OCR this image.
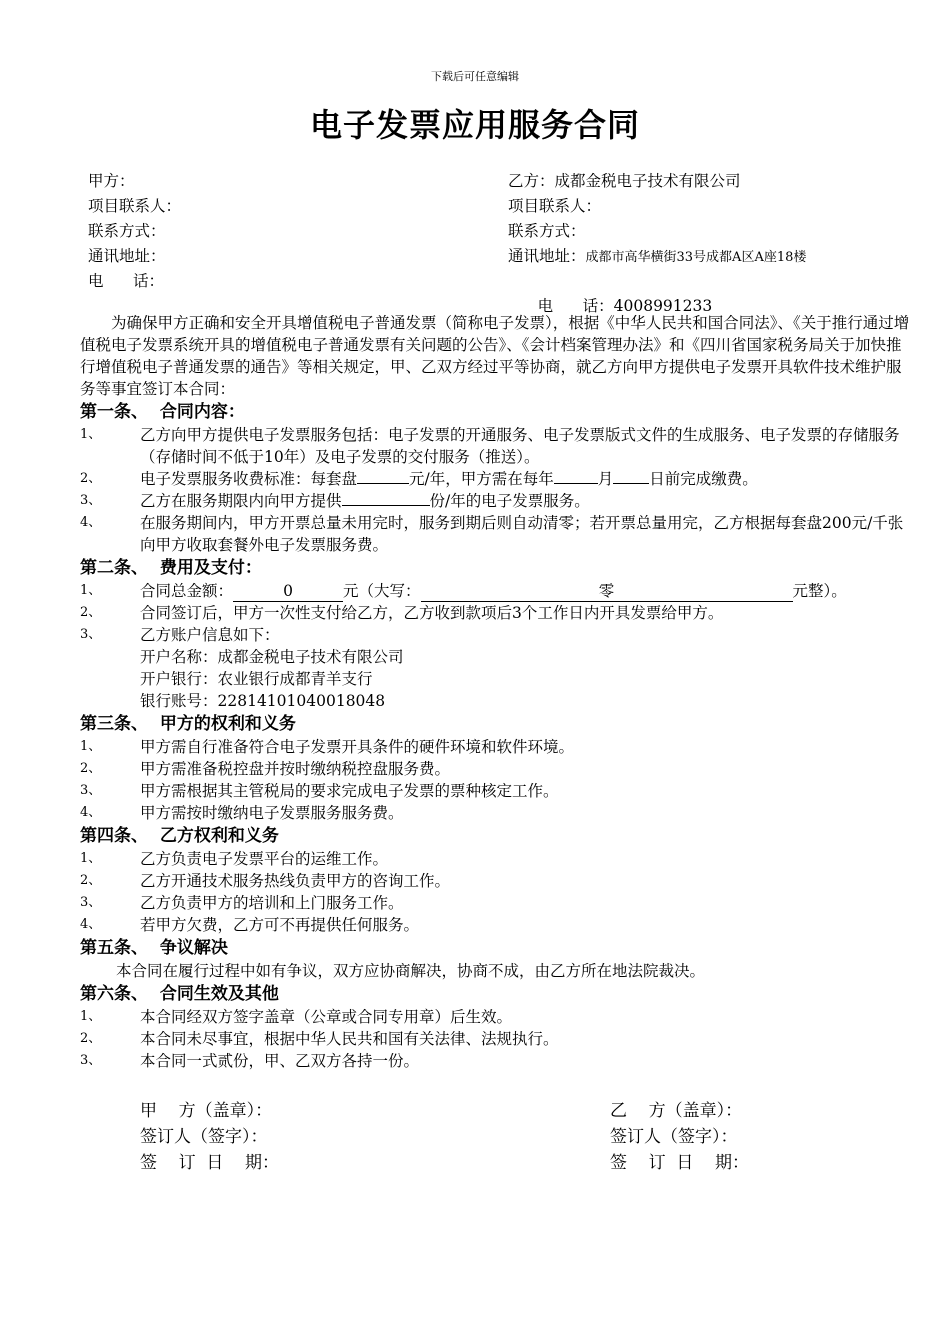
下载后可任意编辑
电子发票应用服务合同
甲方：
项目联系人：
联系方式：
通讯地址：
电      话：
乙方：成都金税电子技术有限公司
项目联系人：
联系方式：
通讯地址：成都市高华横街33号成都A区A座18楼

电      话：4008991233

为确保甲方正确和安全开具增值税电子普通发票（简称电子发票），根据《中华人民共和国合同法》、《关于推行通过增值税电子发票系统开具的增值税电子普通发票有关问题的公告》、《会计档案管理办法》和《四川省国家税务局关于加快推行增值税电子普通发票的通告》等相关规定，甲、乙双方经过平等协商，就乙方向甲方提供电子发票开具软件技术维护服务等事宜签订本合同：

第一条、  合同内容：

1、 乙方向甲方提供电子发票服务包括：电子发票的开通服务、电子发票版式文件的生成服务、电子发票的存储服务（存储时间不低于10年）及电子发票的交付服务（推送）。
2、 电子发票服务收费标准：每套盘	元/年，甲方需在每年	月 日前完成缴费。
3、 乙方在服务期限内向甲方提供	份/年的电子发票服务。
4、 在服务期间内，甲方开票总量未用完时，服务到期后则自动清零；若开票总量用完，乙方根据每套盘200元/千张向甲方收取套餐外电子发票服务费。

第二条、  费用及支付：

1、 合同总金额：	0	元（大写：	零	元整）。
2、 合同签订后，甲方一次性支付给乙方，乙方收到款项后3个工作日内开具发票给甲方。
3、 乙方账户信息如下：

开户名称：成都金税电子技术有限公司

开户银行：农业银行成都青羊支行

银行账号：22814101040018048

第三条、  甲方的权利和义务

1、 甲方需自行准备符合电子发票开具条件的硬件环境和软件环境。
2、 甲方需准备税控盘并按时缴纳税控盘服务费。
3、 甲方需根据其主管税局的要求完成电子发票的票种核定工作。
4、 甲方需按时缴纳电子发票服务服务费。

第四条、  乙方权利和义务

1、 乙方负责电子发票平台的运维工作。
2、 乙方开通技术服务热线负责甲方的咨询工作。
3、 乙方负责甲方的培训和上门服务工作。
4、 若甲方欠费，乙方可不再提供任何服务。

第五条、  争议解决

本合同在履行过程中如有争议，双方应协商解决，协商不成，由乙方所在地法院裁决。

第六条、  合同生效及其他

1、 本合同经双方签字盖章（公章或合同专用章）后生效。
2、 本合同未尽事宜，根据中华人民共和国有关法律、法规执行。
3、 本合同一式贰份，甲、乙双方各持一份。
甲    方（盖章）：
签订人（签字）：
签    订  日    期：
乙    方（盖章）：
签订人（签字）：
签    订  日    期：
